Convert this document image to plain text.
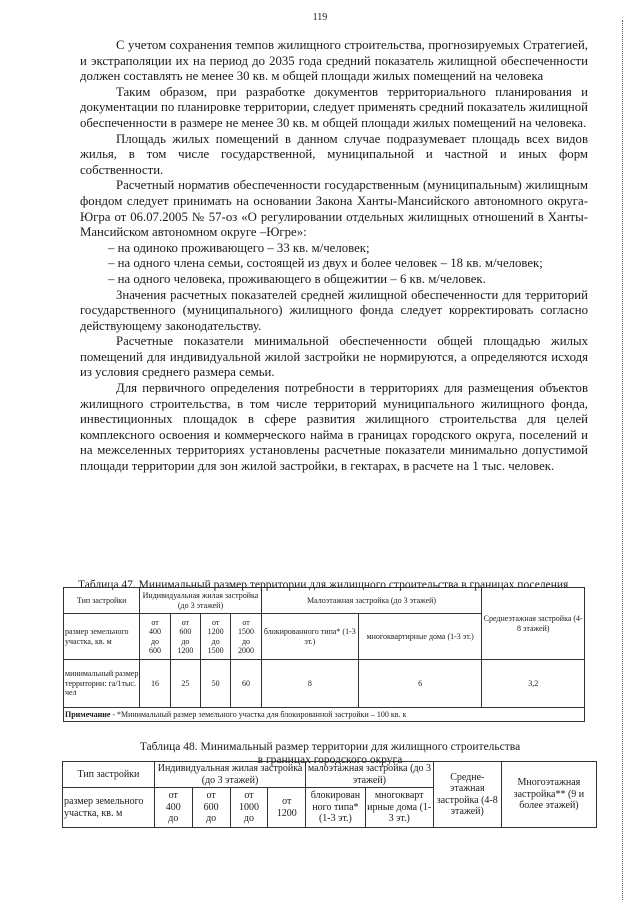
119

С учетом сохранения темпов жилищного строительства, прогнозируемых Стратегией, и экстраполяции их на период до 2035 года средний показатель жилищной обеспеченности должен составлять не менее 30 кв. м общей площади жилых помещений на человека

Таким образом, при разработке документов территориального планирования и документации по планировке территории, следует применять средний показатель жилищной обеспеченности в размере не менее 30 кв. м общей площади жилых помещений на человека.

Площадь жилых помещений в данном случае подразумевает площадь всех видов жилья, в том числе государственной, муниципальной и частной и иных форм собственности.

Расчетный норматив обеспеченности государственным (муниципальным) жилищным фондом следует принимать на основании Закона Ханты-Мансийского автономного округа-Югра от 06.07.2005 № 57-оз «О регулировании отдельных жилищных отношений в Ханты-Мансийском автономном округе –Югре»:

– на одиноко проживающего – 33 кв. м/человек;

– на одного члена семьи, состоящей из двух и более человек – 18 кв. м/человек;

– на одного человека, проживающего в общежитии – 6 кв. м/человек.

Значения расчетных показателей средней жилищной обеспеченности для территорий государственного (муниципального) жилищного фонда следует корректировать согласно действующему законодательству.

Расчетные показатели минимальной обеспеченности общей площадью жилых помещений для индивидуальной жилой застройки не нормируются, а определяются исходя из условия среднего размера семьи.

Для первичного определения потребности в территориях для размещения объектов жилищного строительства, в том числе территорий муниципального жилищного фонда, инвестиционных площадок в сфере развития жилищного строительства для целей комплексного освоения и коммерческого найма в границах городского округа, поселений и на межселенных территориях установлены расчетные показатели минимально допустимой площади территории для зон жилой застройки, в гектарах, в расчете на 1 тыс. человек.

Таблица 47. Минимальный размер территории для жилищного строительства в границах поселения
Тип застройки	Индивидуальная жилая застройка (до 3 этажей)				Малоэтажная застройка (до 3 этажей)		Среднеэтажная застройка (4-8 этажей)
размер земельного участка, кв. м	от
400
до
600	от
600
до
1200	от
1200
до
1500	от
1500
до
2000	блокированного типа* (1-3 эт.)	многоквартирные дома (1-3 эт.)	
минимальный размер территории: га/1тыс. чел	16	25	50	60	8	6	3,2
Примечание - *Минимальный размер земельного участка для блокированной застройки – 100 кв. к							
Таблица 48. Минимальный размер территории для жилищного строительства
в границах городского округа
Тип застройки	Индивидуальная жилая застройка (до 3 этажей)				малоэтажная застройка (до 3 этажей)		Средне-этажная застройка (4-8 этажей)	Многоэтажная застройка** (9 и более этажей)
размер земельного участка, кв. м	от
400
до	от
600
до	от
1000
до	от
1200	блокирован ного типа* (1-3 эт.)	многокварт ирные дома (1-3 эт.)		
